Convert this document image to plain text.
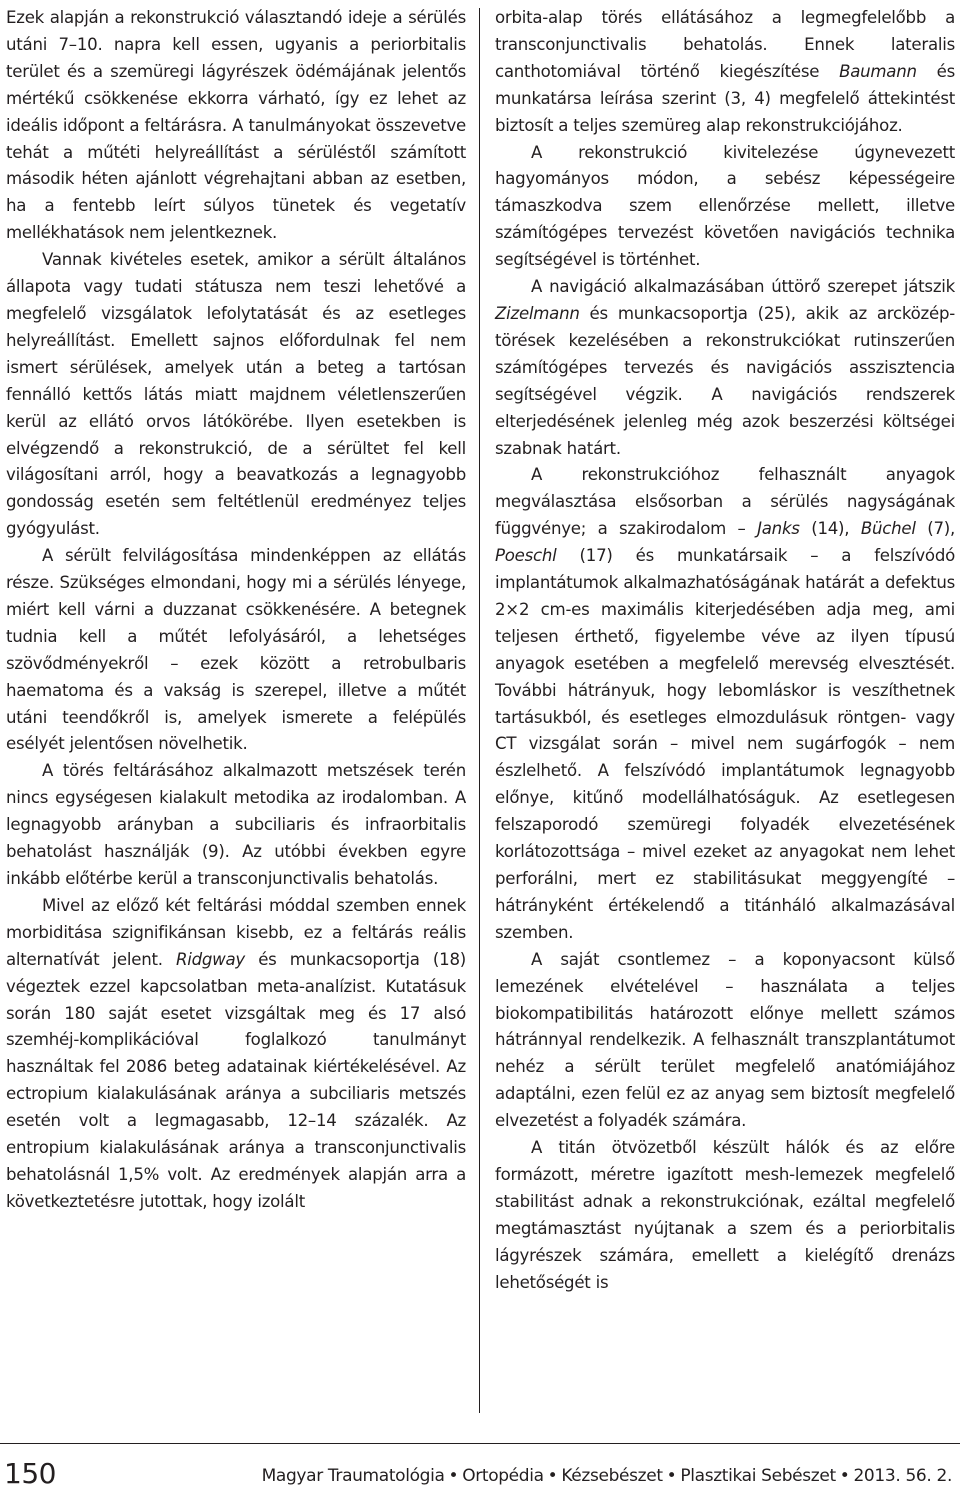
Ezek alapján a rekonstrukció választandó ideje a sérülés utáni 7–10. napra kell essen, ugyanis a periorbitalis terület és a szemüregi lágyrészek ödémájának jelentős mértékű csökkenése ekkorra várható, így ez lehet az ideális időpont a feltárásra. A tanulmányokat összevetve tehát a műtéti helyreállítást a sérüléstől számított második héten ajánlott végrehajtani abban az esetben, ha a fentebb leírt súlyos tünetek és vegetatív mellékhatások nem jelentkeznek.

Vannak kivételes esetek, amikor a sérült általános állapota vagy tudati státusza nem teszi lehetővé a megfelelő vizsgálatok lefolytatását és az esetleges helyreállítást. Emellett sajnos előfordulnak fel nem ismert sérülések, amelyek után a beteg a tartósan fennálló kettős látás miatt majdnem véletlenszerűen kerül az ellátó orvos látókörébe. Ilyen esetekben is elvégzendő a rekonstrukció, de a sérültet fel kell világosítani arról, hogy a beavatkozás a legnagyobb gondosság esetén sem feltétlenül eredményez teljes gyógyulást.

A sérült felvilágosítása mindenképpen az ellátás része. Szükséges elmondani, hogy mi a sérülés lényege, miért kell várni a duzzanat csökkenésére. A betegnek tudnia kell a műtét lefolyásáról, a lehetséges szövődményekről – ezek között a retrobulbaris haematoma és a vakság is szerepel, illetve a műtét utáni teendőkről is, amelyek ismerete a felépülés esélyét jelentősen növelhetik.

A törés feltárásához alkalmazott metszések terén nincs egységesen kialakult metodika az irodalomban. A legnagyobb arányban a subciliaris és infraorbitalis behatolást használják (9). Az utóbbi években egyre inkább előtérbe kerül a transconjunctivalis behatolás.

Mivel az előző két feltárási móddal szemben ennek morbiditása szignifikánsan kisebb, ez a feltárás reális alternatívát jelent. Ridgway és munkacsoportja (18) végeztek ezzel kapcsolatban meta-analízist. Kutatásuk során 180 saját esetet vizsgáltak meg és 17 alsó szemhéj-komplikációval foglalkozó tanulmányt használtak fel 2086 beteg adatainak kiértékelésével. Az ectropium kialakulásának aránya a subciliaris metszés esetén volt a legmagasabb, 12–14 százalék. Az entropium kialakulásának aránya a transconjunctivalis behatolásnál 1,5% volt. Az eredmények alapján arra a következtetésre jutottak, hogy izolált

orbita-alap törés ellátásához a legmegfelelőbb a transconjunctivalis behatolás. Ennek lateralis canthotomiával történő kiegészítése Baumann és munkatársa leírása szerint (3, 4) megfelelő áttekintést biztosít a teljes szemüreg alap rekonstrukciójához.

A rekonstrukció kivitelezése úgynevezett hagyományos módon, a sebész képességeire támaszkodva szem ellenőrzése mellett, illetve számítógépes tervezést követően navigációs technika segítségével is történhet.

A navigáció alkalmazásában úttörő szerepet játszik Zizelmann és munkacsoportja (25), akik az arcközép-törések kezelésében a rekonstrukciókat rutinszerűen számítógépes tervezés és navigációs asszisztencia segítségével végzik. A navigációs rendszerek elterjedésének jelenleg még azok beszerzési költségei szabnak határt.

A rekonstrukcióhoz felhasznált anyagok megválasztása elsősorban a sérülés nagyságának függvénye; a szakirodalom – Janks (14), Büchel (7), Poeschl (17) és munkatársaik – a felszívódó implantátumok alkalmazhatóságának határát a defektus 2×2 cm-es maximális kiterjedésében adja meg, ami teljesen érthető, figyelembe véve az ilyen típusú anyagok esetében a megfelelő merevség elvesztését. További hátrányuk, hogy lebomláskor is veszíthetnek tartásukból, és esetleges elmozdulásuk röntgen- vagy CT vizsgálat során – mivel nem sugárfogók – nem észlelhető. A felszívódó implantátumok legnagyobb előnye, kitűnő modellálhatóságuk. Az esetlegesen felszaporodó szemüregi folyadék elvezetésének korlátozottsága – mivel ezeket az anyagokat nem lehet perforálni, mert ez stabilitásukat meggyengíté – hátrányként értékelendő a titánháló alkalmazásával szemben.

A saját csontlemez – a koponyacsont külső lemezének elvételével – használata a teljes biokompatibilitás határozott előnye mellett számos hátránnyal rendelkezik. A felhasznált transzplantátumot nehéz a sérült terület megfelelő anatómiájához adaptálni, ezen felül ez az anyag sem biztosít megfelelő elvezetést a folyadék számára.

A titán ötvözetből készült hálók és az előre formázott, méretre igazított mesh-lemezek megfelelő stabilitást adnak a rekonstrukciónak, ezáltal megfelelő megtámasztást nyújtanak a szem és a periorbitalis lágyrészek számára, emellett a kielégítő drenázs lehetőségét is

150	Magyar Traumatológia • Ortopédia • Kézsebészet • Plasztikai Sebészet • 2013. 56. 2.
